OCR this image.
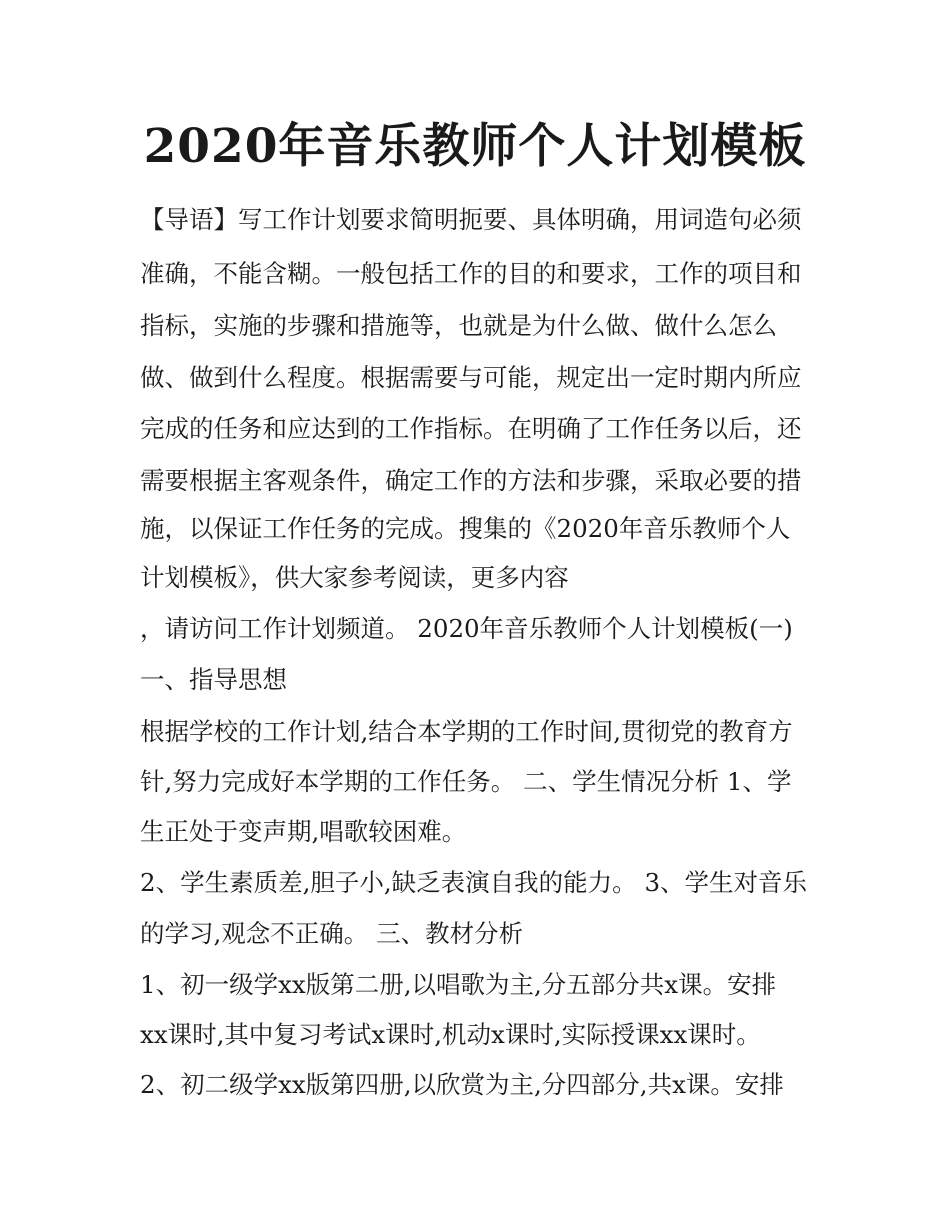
2020年音乐教师个人计划模板
【导语】写工作计划要求简明扼要、具体明确，用词造句必须
准确，不能含糊。一般包括工作的目的和要求，工作的项目和
指标，实施的步骤和措施等，也就是为什么做、做什么怎么
做、做到什么程度。根据需要与可能，规定出一定时期内所应
完成的任务和应达到的工作指标。在明确了工作任务以后，还
需要根据主客观条件，确定工作的方法和步骤，采取必要的措
施，以保证工作任务的完成。搜集的《2020年音乐教师个人
计划模板》，供大家参考阅读，更多内容
，请访问工作计划频道。 2020年音乐教师个人计划模板(一)
一、指导思想
根据学校的工作计划,结合本学期的工作时间,贯彻党的教育方
针,努力完成好本学期的工作任务。 二、学生情况分析 1、学
生正处于变声期,唱歌较困难。
2、学生素质差,胆子小,缺乏表演自我的能力。 3、学生对音乐
的学习,观念不正确。 三、教材分析
1、初一级学xx版第二册,以唱歌为主,分五部分共x课。安排
xx课时,其中复习考试x课时,机动x课时,实际授课xx课时。
2、初二级学xx版第四册,以欣赏为主,分四部分,共x课。安排
